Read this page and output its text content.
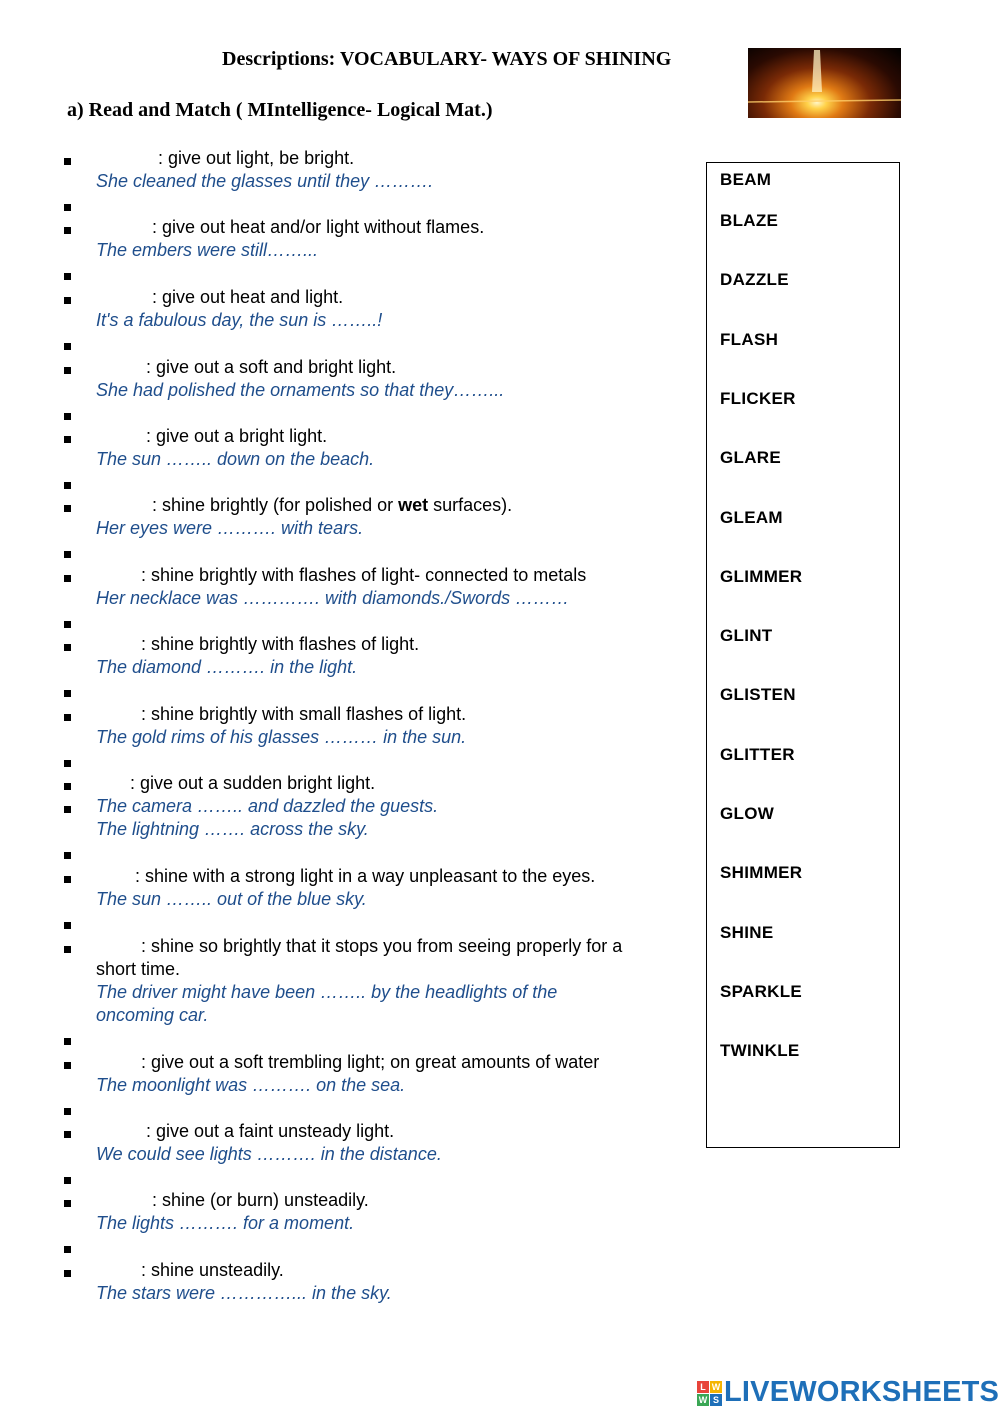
Descriptions: VOCABULARY- WAYS OF SHINING
a) Read and Match ( MIntelligence- Logical Mat.)
: give out light, be bright.
She cleaned the glasses until they ……….
: give out heat and/or light without flames.
The embers were still……...
: give out heat and light.
It's a fabulous day, the sun is ……..!
: give out a soft and bright light.
She had polished the ornaments so that they……...
: give out a bright light.
The sun …….. down on the beach.
: shine brightly (for polished or wet surfaces).
Her eyes were ………. with tears.
: shine brightly with flashes of light- connected to metals
Her necklace was …………. with diamonds./Swords ………
: shine brightly with flashes of light.
The diamond ………. in the light.
: shine brightly with small flashes of light.
The gold rims of his glasses ……… in the sun.
: give out a sudden bright light.
The camera …….. and dazzled the guests.
The lightning ……. across the sky.
: shine with a strong light in a way unpleasant to the eyes.
The sun …….. out of the blue sky.
: shine so brightly that it stops you from seeing properly for a
short time.
The driver might have been …….. by the headlights of the
oncoming car.
: give out a soft trembling light; on great amounts of water
The moonlight was ………. on the sea.
: give out a faint unsteady light.
We could see lights ………. in the distance.
: shine (or burn) unsteadily.
The lights ………. for a moment.
: shine unsteadily.
The stars were …………... in the sky.
BEAM
BLAZE
DAZZLE
FLASH
FLICKER
GLARE
GLEAM
GLIMMER
GLINT
GLISTEN
GLITTER
GLOW
SHIMMER
SHINE
SPARKLE
TWINKLE
L W
W S LIVEWORKSHEETS
